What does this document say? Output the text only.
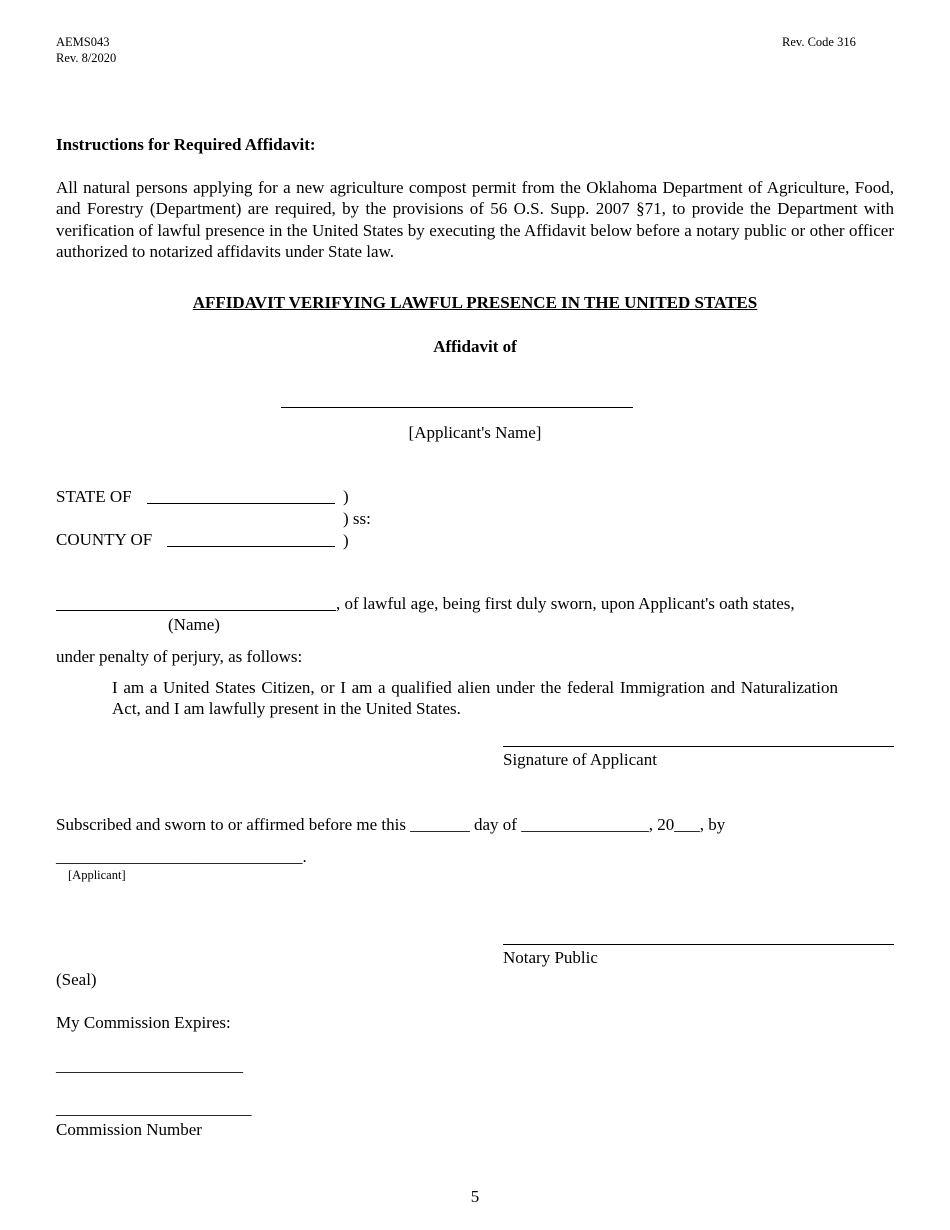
AEMS043
Rev. 8/2020
Rev. Code 316
Instructions for Required Affidavit:
All natural persons applying for a new agriculture compost permit from the Oklahoma Department of Agriculture, Food, and Forestry (Department) are required, by the provisions of 56 O.S. Supp. 2007 §71, to provide the Department with verification of lawful presence in the United States by executing the Affidavit below before a notary public or other officer authorized to notarized affidavits under State law.
AFFIDAVIT VERIFYING LAWFUL PRESENCE IN THE UNITED STATES
Affidavit of
[Applicant's Name]
STATE OF	)
) ss:
COUNTY OF	)
, of lawful age, being first duly sworn, upon Applicant's oath states,
(Name)
under penalty of perjury, as follows:
I am a United States Citizen, or I am a qualified alien under the federal Immigration and Naturalization Act, and I am lawfully present in the United States.
Signature of Applicant
Subscribed and sworn to or affirmed before me this _______ day of _______________, 20___, by
_____________________________.
[Applicant]
Notary Public
(Seal)
My Commission Expires:
______________________
_______________________
Commission Number
5
